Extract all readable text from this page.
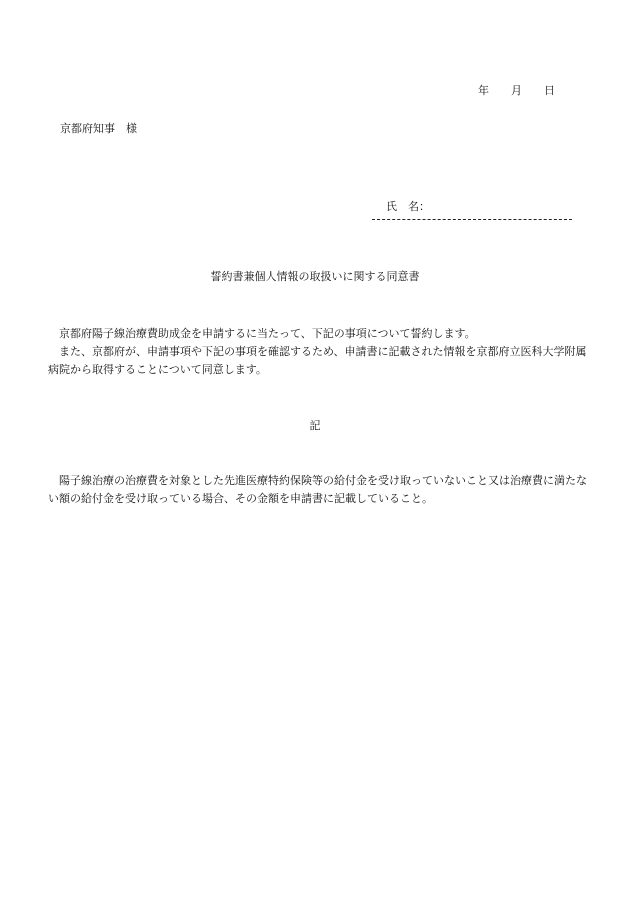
年 月 日
京都府知事　様
氏　名：
誓約書兼個人情報の取扱いに関する同意書
　京都府陽子線治療費助成金を申請するに当たって、下記の事項について誓約します。
　また、京都府が、申請事項や下記の事項を確認するため、申請書に記載された情報を京都府立医科大学附属病院から取得することについて同意します。
記
　陽子線治療の治療費を対象とした先進医療特約保険等の給付金を受け取っていないこと又は治療費に満たない額の給付金を受け取っている場合、その金額を申請書に記載していること。
